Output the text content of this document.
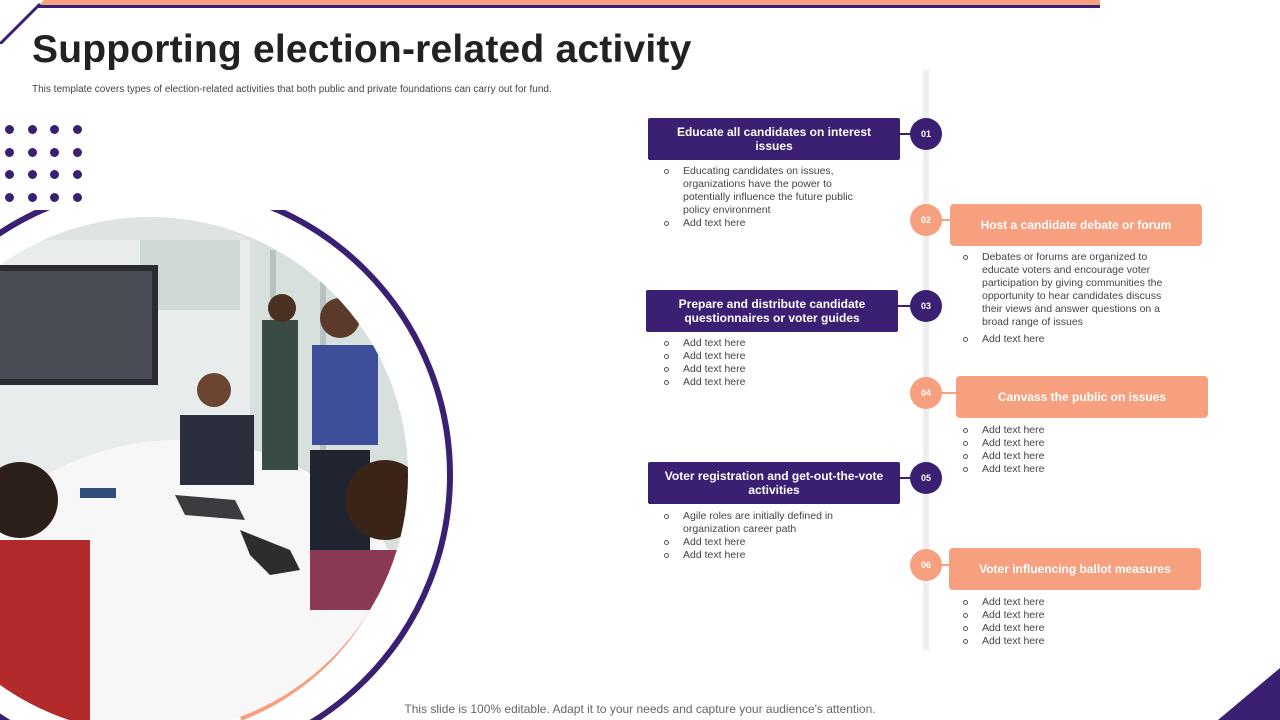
Supporting election-related activity
This template covers types of election-related activities that both public and private foundations can carry out for fund.
Educate all candidates on interest issues
01
Educating candidates on issues, organizations have the power to potentially influence the future public policy environment
Add text here	02	Host a candidate debate or forum
Debates or forums are organized to educate voters and encourage voter participation by giving communities the opportunity to hear candidates discuss their views and answer questions on a broad range of issues
Add text here
Prepare and distribute candidate questionnaires or voter guides
03
Add text here
Add text here
Add text here
Add text here
04	Canvass the public on issues
Add text here
Add text here
Add text here
Add text here
Voter registration and get-out-the-vote activities
05
Agile roles are initially defined in organization career path
Add text here
Add text here
06	Voter influencing ballot measures
Add text here
Add text here
Add text here
Add text here
This slide is 100% editable. Adapt it to your needs and capture your audience's attention.
